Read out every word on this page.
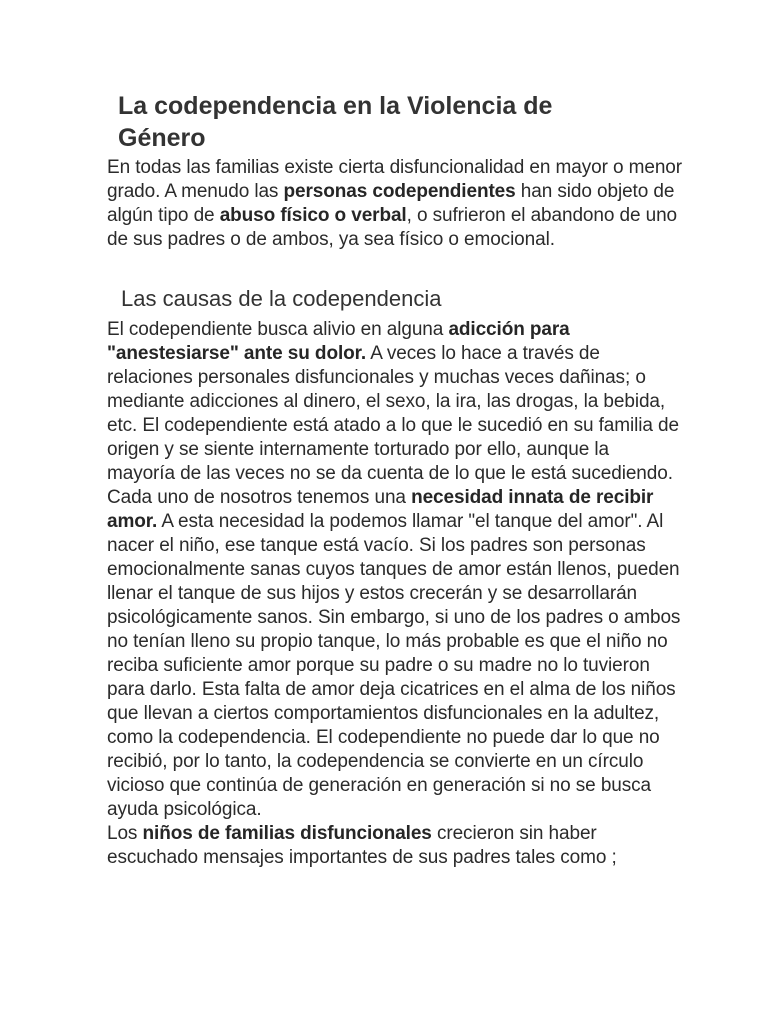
La codependencia en la Violencia de Género

En todas las familias existe cierta disfuncionalidad en mayor o menor grado. A menudo las personas codependientes han sido objeto de algún tipo de abuso físico o verbal, o sufrieron el abandono de uno de sus padres o de ambos, ya sea físico o emocional.

Las causas de la codependencia
El codependiente busca alivio en alguna adicción para "anestesiarse" ante su dolor. A veces lo hace a través de relaciones personales disfuncionales y muchas veces dañinas; o mediante adicciones al dinero, el sexo, la ira, las drogas, la bebida, etc. El codependiente está atado a lo que le sucedió en su familia de origen y se siente internamente torturado por ello, aunque la mayoría de las veces no se da cuenta de lo que le está sucediendo.
Cada uno de nosotros tenemos una necesidad innata de recibir amor. A esta necesidad la podemos llamar "el tanque del amor". Al nacer el niño, ese tanque está vacío. Si los padres son personas emocionalmente sanas cuyos tanques de amor están llenos, pueden llenar el tanque de sus hijos y estos crecerán y se desarrollarán psicológicamente sanos. Sin embargo, si uno de los padres o ambos no tenían lleno su propio tanque, lo más probable es que el niño no reciba suficiente amor porque su padre o su madre no lo tuvieron para darlo. Esta falta de amor deja cicatrices en el alma de los niños que llevan a ciertos comportamientos disfuncionales en la adultez, como la codependencia. El codependiente no puede dar lo que no recibió, por lo tanto, la codependencia se convierte en un círculo vicioso que continúa de generación en generación si no se busca ayuda psicológica.
Los niños de familias disfuncionales crecieron sin haber escuchado mensajes importantes de sus padres tales como ;
